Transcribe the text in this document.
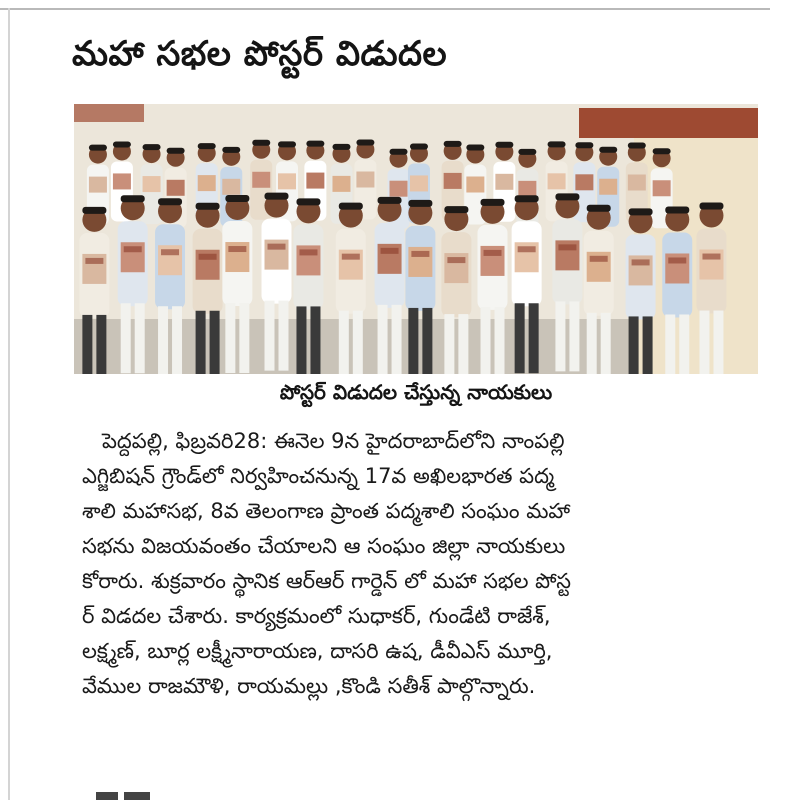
మహా సభల పోస్టర్ విడుదల
పోస్టర్ విడుదల చేస్తున్న నాయకులు
పెద్దపల్లి, ఫిబ్రవరి28: ఈనెల 9న హైదరాబాద్‌లోని నాంపల్లి
ఎగ్జిబిషన్ గ్రౌండ్‌లో నిర్వహించనున్న 17వ అఖిలభారత పద్మ
శాలి మహాసభ, 8వ తెలంగాణ ప్రాంత పద్మశాలి సంఘం మహా
సభను విజయవంతం చేయాలని ఆ సంఘం జిల్లా నాయకులు
కోరారు. శుక్రవారం స్థానిక ఆర్ఆర్ గార్డెన్ లో మహా సభల పోస్ట
ర్ విడదల చేశారు. కార్యక్రమంలో సుధాకర్, గుండేటి రాజేశ్,
లక్ష్మణ్, బూర్ల లక్ష్మీనారాయణ, దాసరి ఉష, డీవీఎస్ మూర్తి,
వేముల రాజమౌళి, రాయమల్లు ,కొండి సతీశ్ పాల్గొన్నారు.
